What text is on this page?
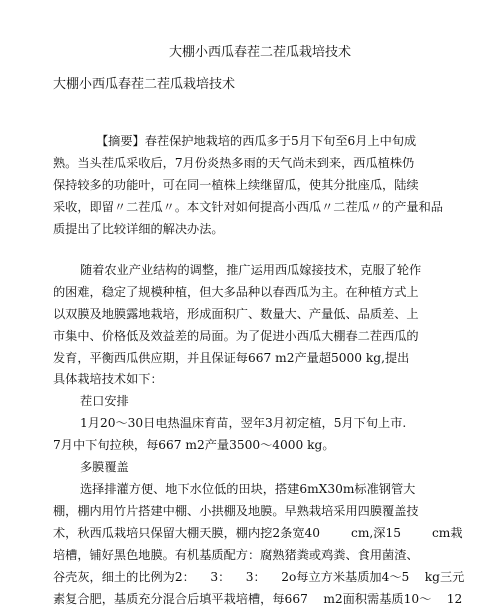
大棚小西瓜春茬二茬瓜栽培技术
大棚小西瓜春茬二茬瓜栽培技术
【摘要】春茬保护地栽培的西瓜多于5月下旬至6月上中旬成
熟。当头茬瓜采收后，7月份炎热多雨的天气尚未到来，西瓜植株仍
保持较多的功能叶，可在同一植株上续继留瓜，使其分批座瓜，陆续
采收，即留〃二茬瓜〃。本文针对如何提高小西瓜〃二茬瓜〃的产量和品
质提出了比较详细的解决办法。
随着农业产业结构的调整，推广运用西瓜嫁接技术，克服了轮作
的困难，稳定了规模种植，但大多品种以春西瓜为主。在种植方式上
以双膜及地膜露地栽培，形成面积广、数量大、产量低、品质差、上
市集中、价格低及效益差的局面。为了促进小西瓜大棚春二茬西瓜的
发育，平衡西瓜供应期，并且保证每667 m2产量超5000 kg,提出
具体栽培技术如下：
茬口安排
1月20～30日电热温床育苗，翌年3月初定植，5月下旬上市.
7月中下旬拉秧，每667 m2产量3500～4000 kg。
多膜覆盖
选择排灌方便、地下水位低的田块，搭建6mX30m标准钢管大
棚，棚内用竹片搭建中棚、小拱棚及地膜。早熟栽培采用四膜覆盖技
术，秋西瓜栽培只保留大棚天膜，棚内挖2条宽40        cm,深15        cm栽
培槽，铺好黑色地膜。有机基质配方：腐熟猪粪或鸡粪、食用菌渣、
谷壳灰，细土的比例为2：    3：    3：    2o每立方米基质加4～5    kg三元
素复合肥，基质充分混合后填平栽培槽，每667    m2面积需基质10～    12
